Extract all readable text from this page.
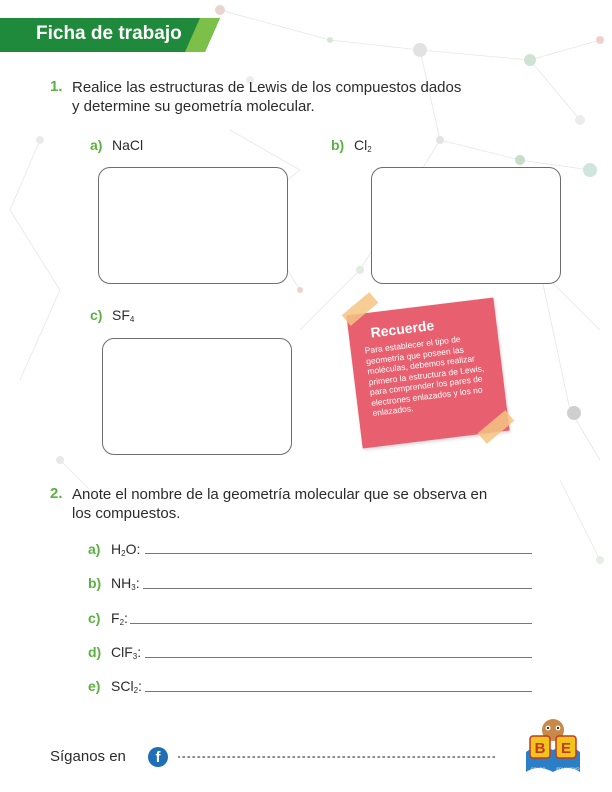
Ficha de trabajo
1. Realice las estructuras de Lewis de los compuestos dados
y determine su geometría molecular.
a) NaCl	b) $Cl_2$
c) $SF_4$	Recuerde
Para establecer el tipo de geometría que poseen las moléculas, debemos realizar primero la estructura de Lewis, para comprender los pares de electrones enlazados y los no enlazados.
2. Anote el nombre de la geometría molecular que se observa en
los compuestos.
a) $H_2O$:
b) $NH_3$:
c) $F_2$:
d) ClF$_3$:
e) SCl$_2$:
Síganos en	f
B E
GRUPO	EDUCATIVO
